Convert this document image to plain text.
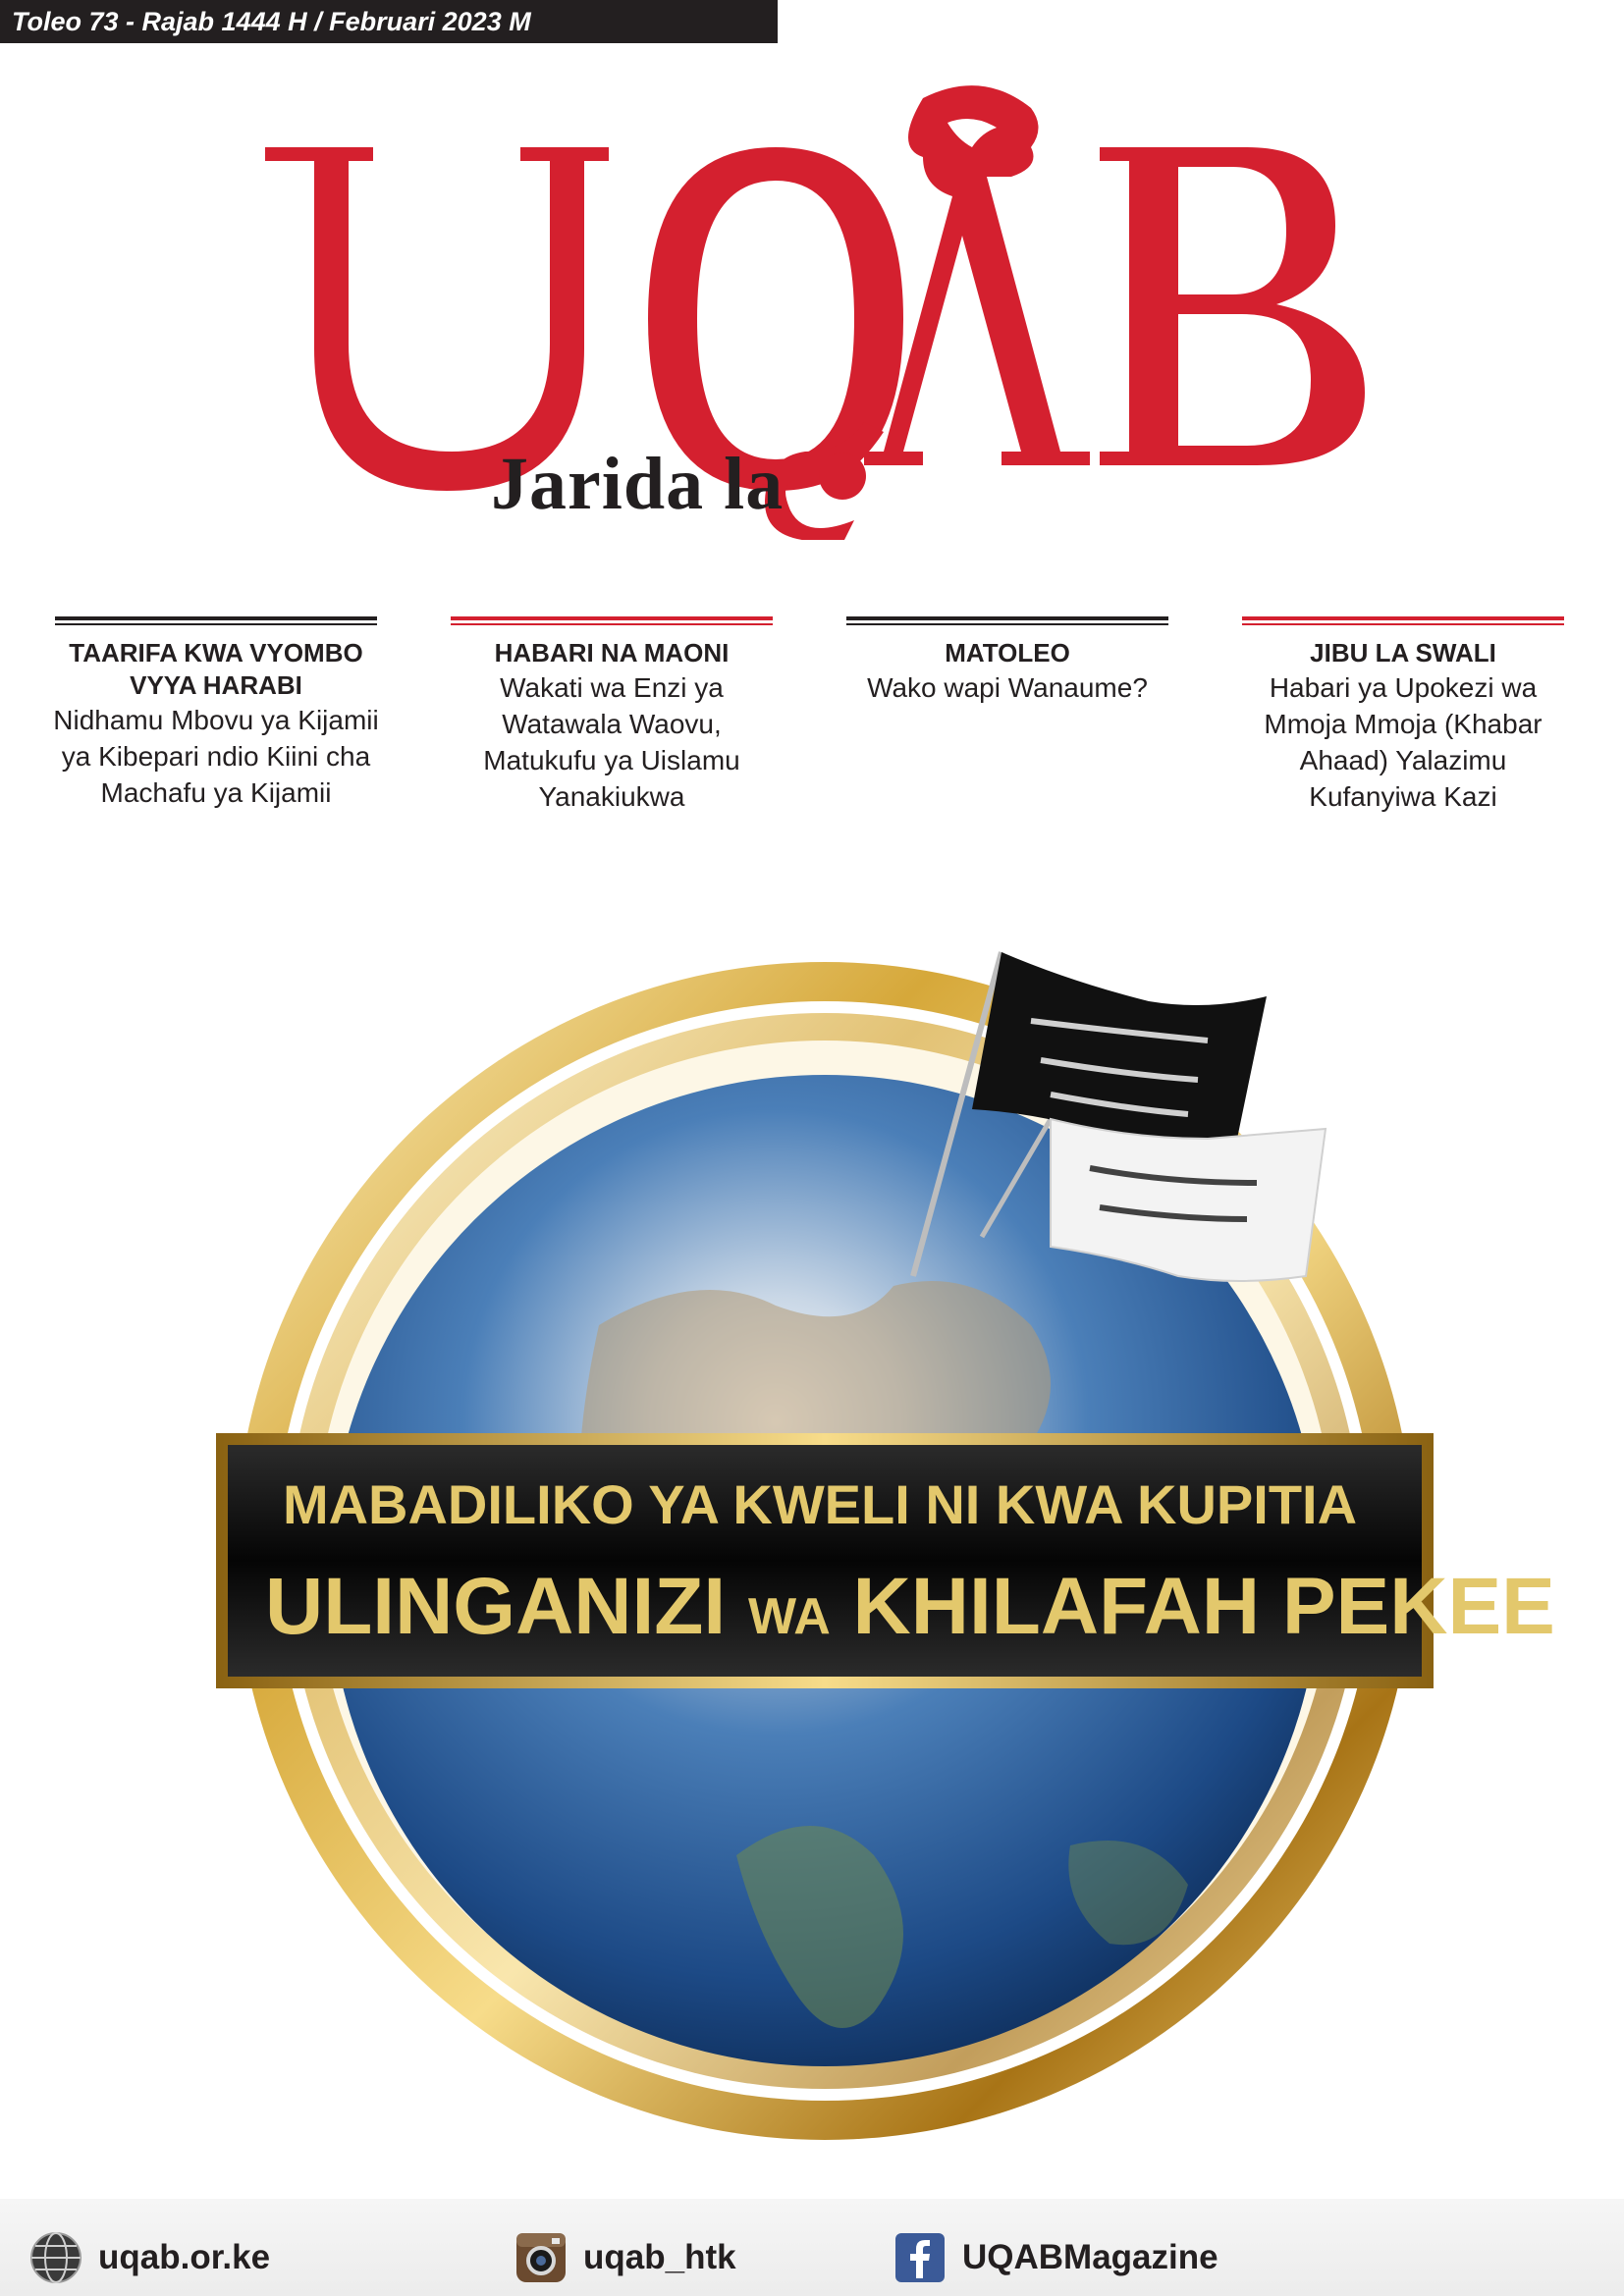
Toleo 73 - Rajab 1444 H / Februari 2023 M
Jarida la
TAARIFA KWA VYOMBO VYYA HARABI
Nidhamu Mbovu ya Kijamii ya Kibepari ndio Kiini cha Machafu ya Kijamii
HABARI NA MAONI
Wakati wa Enzi ya Watawala Waovu, Matukufu ya Uislamu Yanakiukwa
MATOLEO
Wako wapi Wanaume?
JIBU LA SWALI
Habari ya Upokezi wa Mmoja Mmoja (Khabar Ahaad) Yalazimu Kufanyiwa Kazi
MABADILIKO YA KWELI NI KWA KUPITIA
ULINGANIZI WA KHILAFAH PEKEE
uqab.or.ke	uqab_htk	UQABMagazine
